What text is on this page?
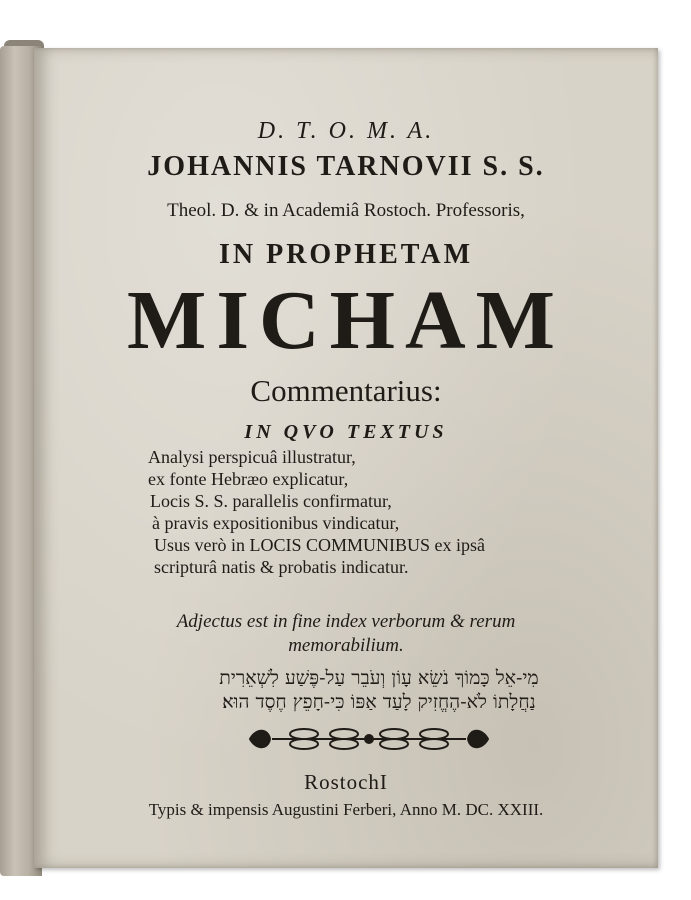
D. T. O. M. A.
JOHANNIS TARNOVII S. S.
Theol. D. & in Academiâ Rostoch. Professoris,
IN PROPHETAM
MICHAM
Commentarius:
IN QVO TEXTUS
Analysi perspicuâ illustratur,
ex fonte Hebræo explicatur,
Locis S. S. parallelis confirmatur,
à pravis expositionibus vindicatur,
Usus verò in LOCIS COMMUNIBUS ex ipsâ
scripturâ natis & probatis indicatur.
Adjectus est in fine index verborum & rerum
memorabilium.
מִי-אֵל כָּמוֹךָ נֹשֵׂא עָוֹן וְעֹבֵר עַל-פֶּשַׁע לִשְׁאֵרִית
נַחֲלָתוֹ לֹא-הֶחֱזִיק לָעַד אַפּוֹ כִּי-חָפֵץ חֶסֶד הוּא׃
RostochI
Typis & impensis Augustini Ferberi, Anno M. DC. XXIII.
